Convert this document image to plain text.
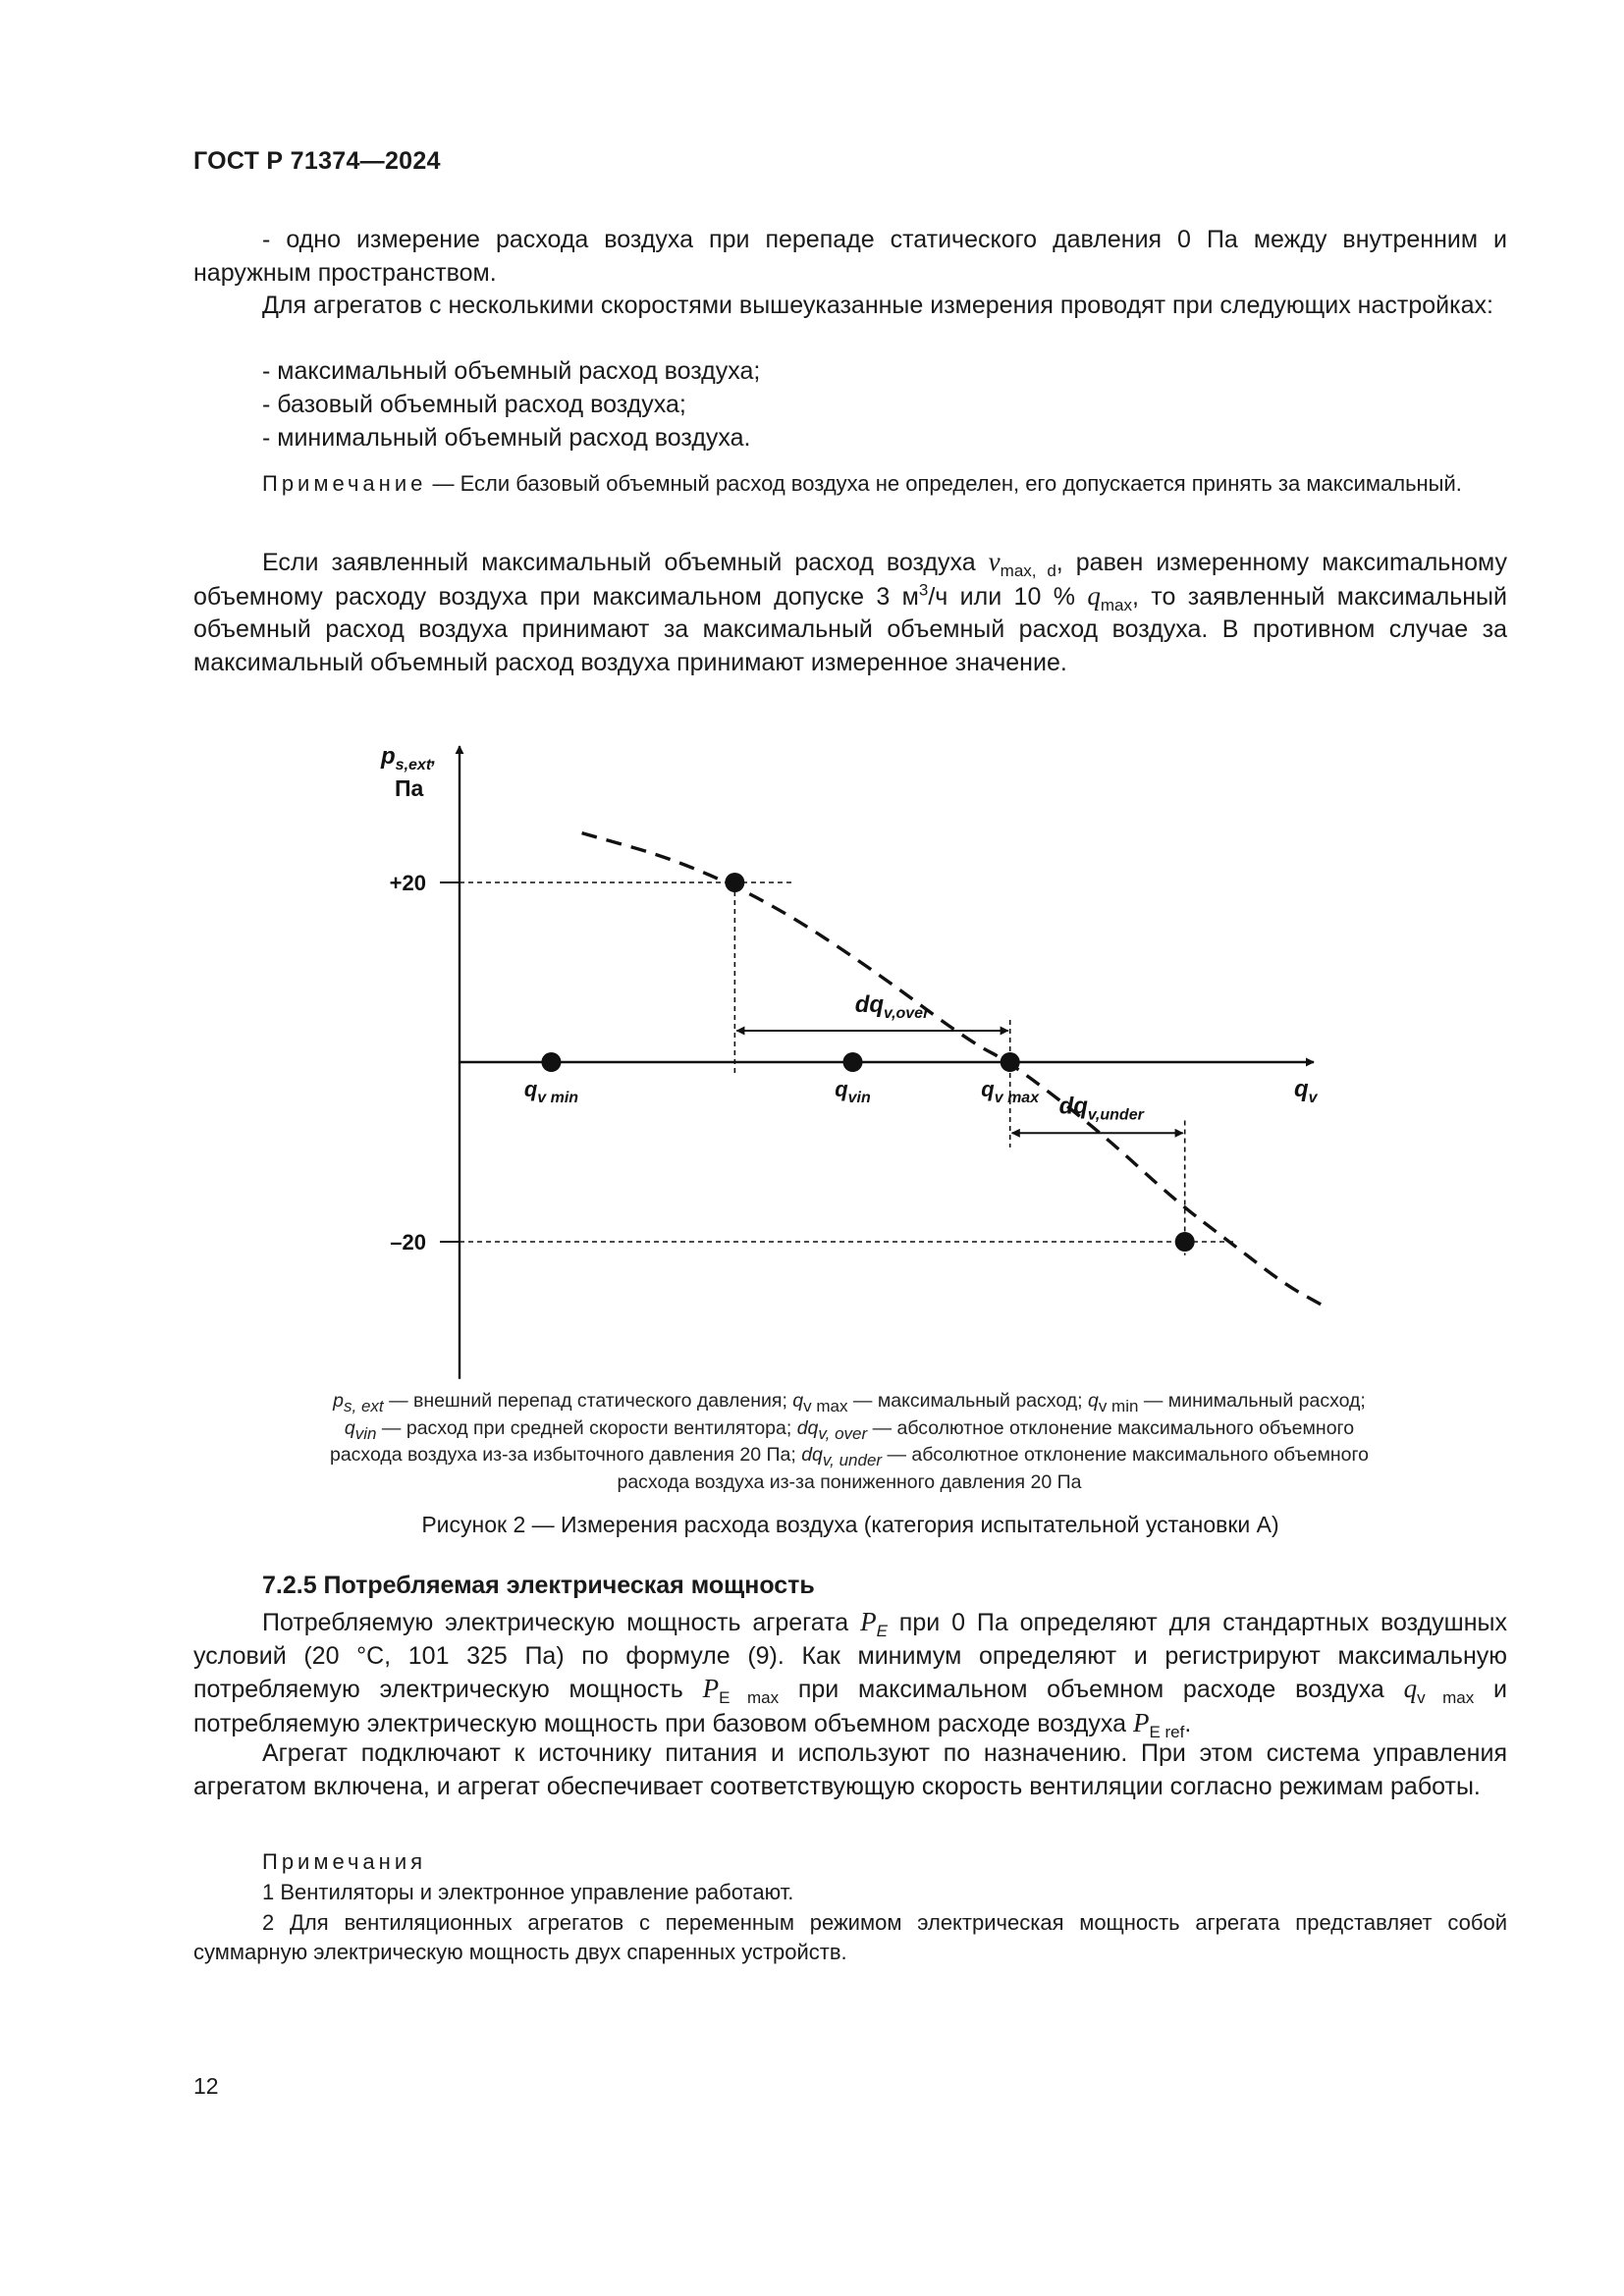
ГОСТ Р 71374—2024
- одно измерение расхода воздуха при перепаде статического давления 0 Па между внутренним и наружным пространством.
Для агрегатов с несколькими скоростями вышеуказанные измерения проводят при следующих настройках:
- максимальный объемный расход воздуха;
- базовый объемный расход воздуха;
- минимальный объемный расход воздуха.
Примечание — Если базовый объемный расход воздуха не определен, его допускается принять за максимальный.
Если заявленный максимальный объемный расход воздуха $v_{max, d}$, равен измеренному максиmальному объемному расходу воздуха при максимальном допуске 3 $м^3/ч$ или 10 % $q_{max}$, то заявленный максимальный объемный расход воздуха принимают за максимальный объемный расход воздуха. В противном случае за максимальный объемный расход воздуха принимают измеренное значение.
$p_{s,ext}^,$
Па
$q_v$
+20
–20
$dq_{v,over}$
$dq_{v,under}$
$q_{v min}$	$q_{vin}$	$q_{v max}$
$p_{s, ext}$ — внешний перепад статического давления; $q_{v max}$ — максимальный расход; $q_{v min}$ — минимальный расход;
$q_{vin}$ — расход при средней скорости вентилятора; $dq_{v, over}$ — абсолютное отклонение максимального объемного
расхода воздуха из-за избыточного давления 20 Па; $dq_{v, under}$ — абсолютное отклонение максимального объемного
расхода воздуха из-за пониженного давления 20 Па
Рисунок 2 — Измерения расхода воздуха (категория испытательной установки А)
7.2.5 Потребляемая электрическая мощность
Потребляемую электрическую мощность агрегата $P_E$ при 0 Па определяют для стандартных воздушных условий (20 °С, 101 325 Па) по формуле (9). Как минимум определяют и регистрируют максимальную потребляемую электрическую мощность $P_{E max}$ при максимальном объемном расходе воздуха $q_{v max}$ и потребляемую электрическую мощность при базовом объемном расходе воздуха $P_{E ref}$.
Агрегат подключают к источнику питания и используют по назначению. При этом система управления агрегатом включена, и агрегат обеспечивает соответствующую скорость вентиляции согласно режимам работы.
Примечания
1 Вентиляторы и электронное управление работают.
2 Для вентиляционных агрегатов с переменным режимом электрическая мощность агрегата представляет собой суммарную электрическую мощность двух спаренных устройств.
12
